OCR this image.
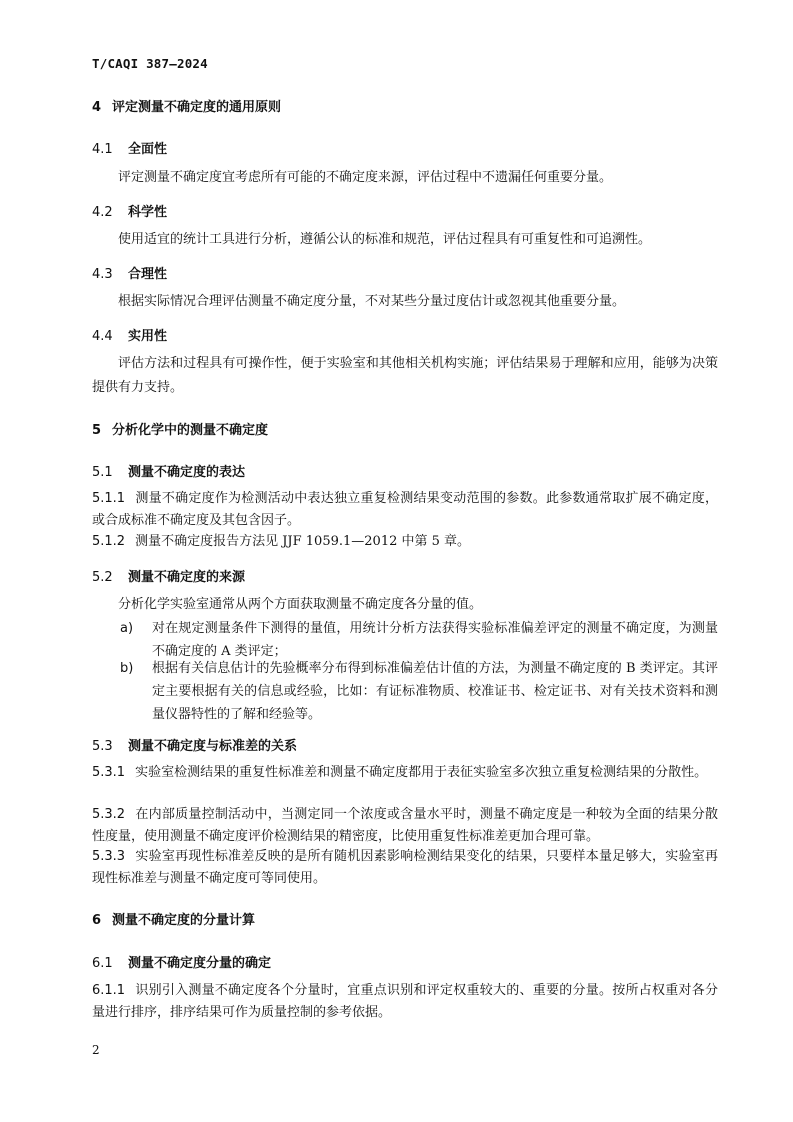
T/CAQI 387—2024
4 评定测量不确定度的通用原则
4.1 全面性
评定测量不确定度宜考虑所有可能的不确定度来源，评估过程中不遗漏任何重要分量。
4.2 科学性
使用适宜的统计工具进行分析，遵循公认的标准和规范，评估过程具有可重复性和可追溯性。
4.3 合理性
根据实际情况合理评估测量不确定度分量，不对某些分量过度估计或忽视其他重要分量。
4.4 实用性
评估方法和过程具有可操作性，便于实验室和其他相关机构实施；评估结果易于理解和应用，能够为决策提供有力支持。
5 分析化学中的测量不确定度
5.1 测量不确定度的表达
5.1.1 测量不确定度作为检测活动中表达独立重复检测结果变动范围的参数。此参数通常取扩展不确定度，或合成标准不确定度及其包含因子。
5.1.2 测量不确定度报告方法见 JJF 1059.1—2012 中第 5 章。
5.2 测量不确定度的来源
分析化学实验室通常从两个方面获取测量不确定度各分量的值。
a) 对在规定测量条件下测得的量值，用统计分析方法获得实验标准偏差评定的测量不确定度，为测量不确定度的 A 类评定；
b) 根据有关信息估计的先验概率分布得到标准偏差估计值的方法，为测量不确定度的 B 类评定。其评定主要根据有关的信息或经验，比如：有证标准物质、校准证书、检定证书、对有关技术资料和测量仪器特性的了解和经验等。
5.3 测量不确定度与标准差的关系
5.3.1 实验室检测结果的重复性标准差和测量不确定度都用于表征实验室多次独立重复检测结果的分散性。
5.3.2 在内部质量控制活动中，当测定同一个浓度或含量水平时，测量不确定度是一种较为全面的结果分散性度量，使用测量不确定度评价检测结果的精密度，比使用重复性标准差更加合理可靠。
5.3.3 实验室再现性标准差反映的是所有随机因素影响检测结果变化的结果，只要样本量足够大，实验室再现性标准差与测量不确定度可等同使用。
6 测量不确定度的分量计算
6.1 测量不确定度分量的确定
6.1.1 识别引入测量不确定度各个分量时，宜重点识别和评定权重较大的、重要的分量。按所占权重对各分量进行排序，排序结果可作为质量控制的参考依据。
2
